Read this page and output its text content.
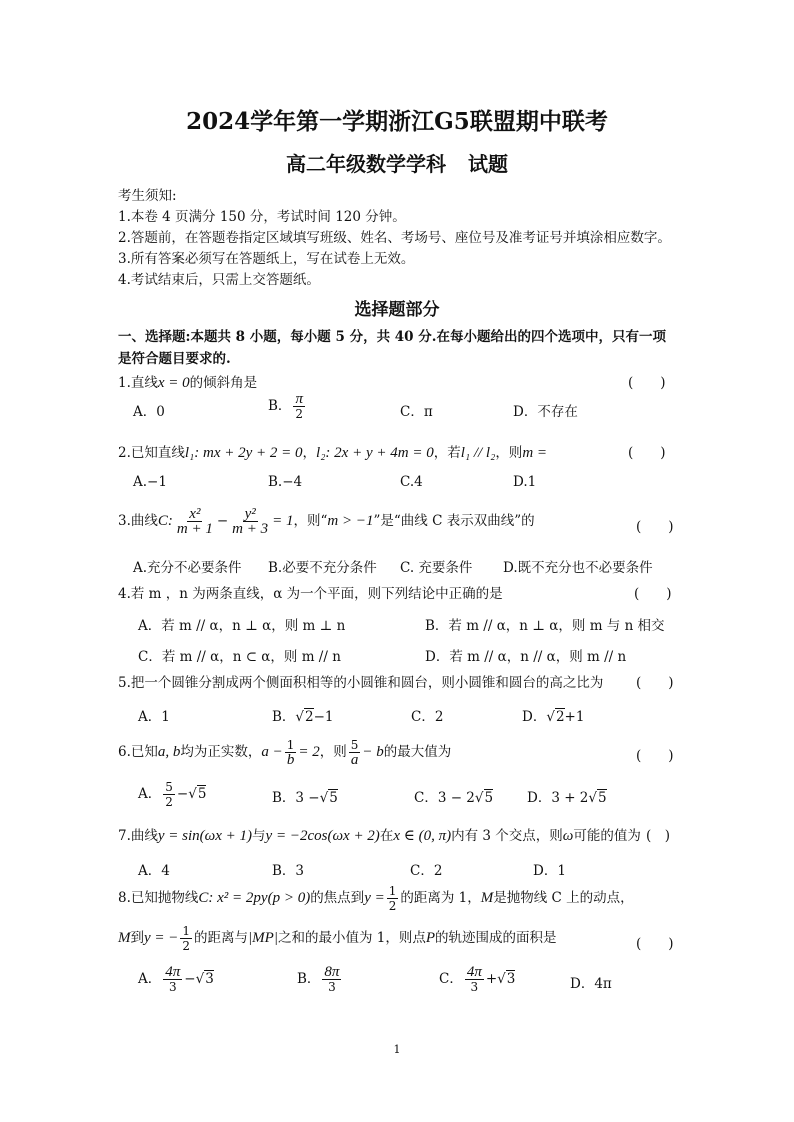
2024学年第一学期浙江G5联盟期中联考
高二年级数学学科 试题
考生须知:
1.本卷 4 页满分 150 分，考试时间 120 分钟。
2.答题前，在答题卷指定区域填写班级、姓名、考场号、座位号及准考证号并填涂相应数字。
3.所有答案必须写在答题纸上，写在试卷上无效。
4.考试结束后，只需上交答题纸。
选择题部分
一、选择题:本题共 8 小题，每小题 5 分，共 40 分.在每小题给出的四个选项中，只有一项是符合题目要求的.
1.直线x = 0的倾斜角是	(　　)
A．0	B． $\frac{\pi}{2}$	C．π	D．不存在
2.已知直线l₁: mx + 2y + 2 = 0，l₂: 2x + y + 4m = 0，若l₁ // l₂，则m =	(　　)
A.−1	B.−4	C.4	D.1
3.曲线C: $\frac{\text{x²}}{m + 1} - \frac{\text{y²}}{m + 3} = 1$，则“m > −1”是“曲线 C 表示双曲线”的	(　　)
A.充分不必要条件 B.必要不充分条件 C. 充要条件 D.既不充分也不必要条件
4.若 m ，n 为两条直线，α 为一个平面，则下列结论中正确的是	(　　)
A．若 m // α，n ⊥ α，则 m ⊥ n	B．若 m // α，n ⊥ α，则 m 与 n 相交
C．若 m // α，n ⊂ α，则 m // n	D．若 m // α，n // α，则 m // n
5.把一个圆锥分割成两个侧面积相等的小圆锥和圆台，则小圆锥和圆台的高之比为 (　　)
A．1	B．√2−1	C．2	D．√2+1
6.已知a, b均为正实数，$a - \frac{1}{b} = 2$，则 $\frac{5}{a} - b$的最大值为	(　　)
A． $\frac{5}{2} -√5$	B．3 −√5	C．3 − 2√5	D．3 + 2√5
7.曲线y = sin(ωx + 1)与y = −2cos(ωx + 2)在x ∈ (0, π)内有 3 个交点，则ω可能的值为 (　)
A．4	B．3	C．2	D．1
8.已知抛物线C: x² = 2py(p > 0)的焦点到$y = \frac{1}{2}$ 的距离为 1，M是抛物线 C 上的动点，
M到y = − $\frac{1}{2}$ 的距离与|MP|之和的最小值为 1，则点P的轨迹围成的面积是	(　　)
A． $\frac{4\pi}{3} -√3$	B． $\frac{8\pi}{3}$	C． $\frac{4\pi}{3} +√3$	D．4π
1
